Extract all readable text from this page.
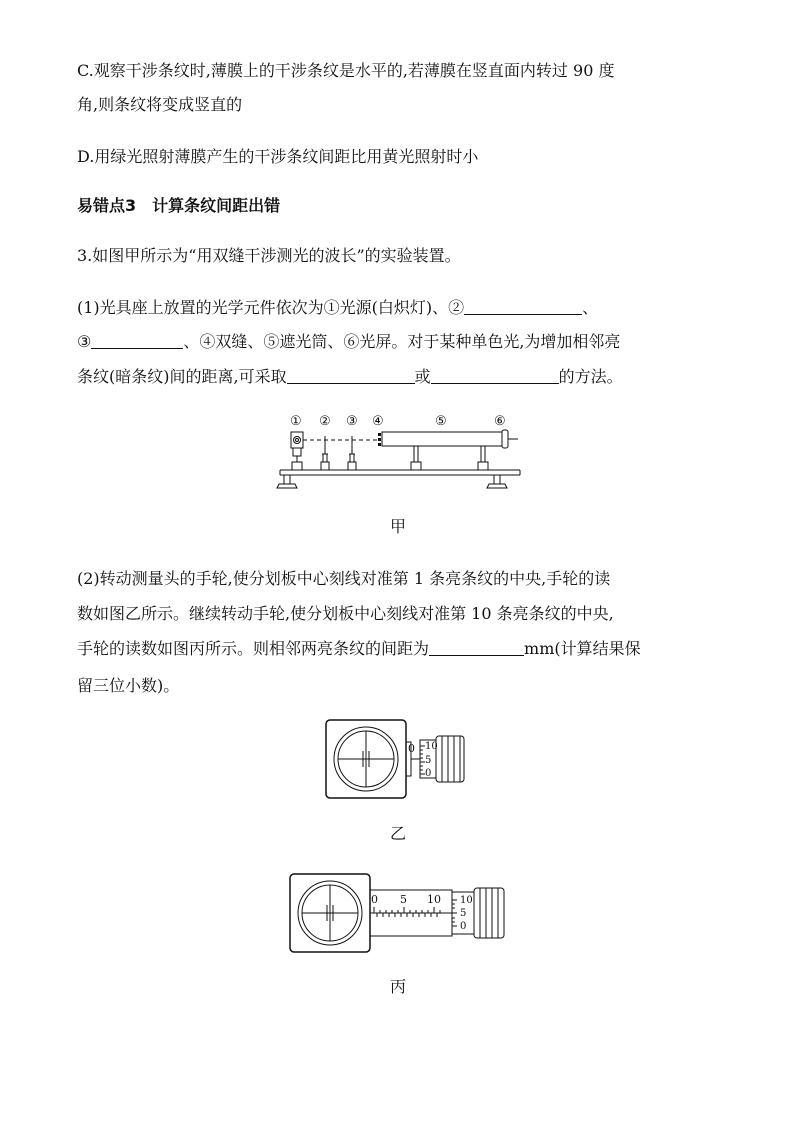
C.观察干涉条纹时,薄膜上的干涉条纹是水平的,若薄膜在竖直面内转过 90 度
角,则条纹将变成竖直的
D.用绿光照射薄膜产生的干涉条纹间距比用黄光照射时小
易错点3　计算条纹间距出错
3.如图甲所示为“用双缝干涉测光的波长”的实验装置。
(1)光具座上放置的光学元件依次为①光源(白炽灯)、②	、
③	、④双缝、⑤遮光筒、⑥光屏。对于某种单色光,为增加相邻亮
条纹(暗条纹)间的距离,可采取	或	的方法。
① ② ③ ④	⑤	⑥
甲
(2)转动测量头的手轮,使分划板中心刻线对准第 1 条亮条纹的中央,手轮的读
数如图乙所示。继续转动手轮,使分划板中心刻线对准第 10 条亮条纹的中央,
手轮的读数如图丙所示。则相邻两亮条纹的间距为	mm(计算结果保
留三位小数)。
0 10
5
0
乙
0 5 10 10
5
0
丙
